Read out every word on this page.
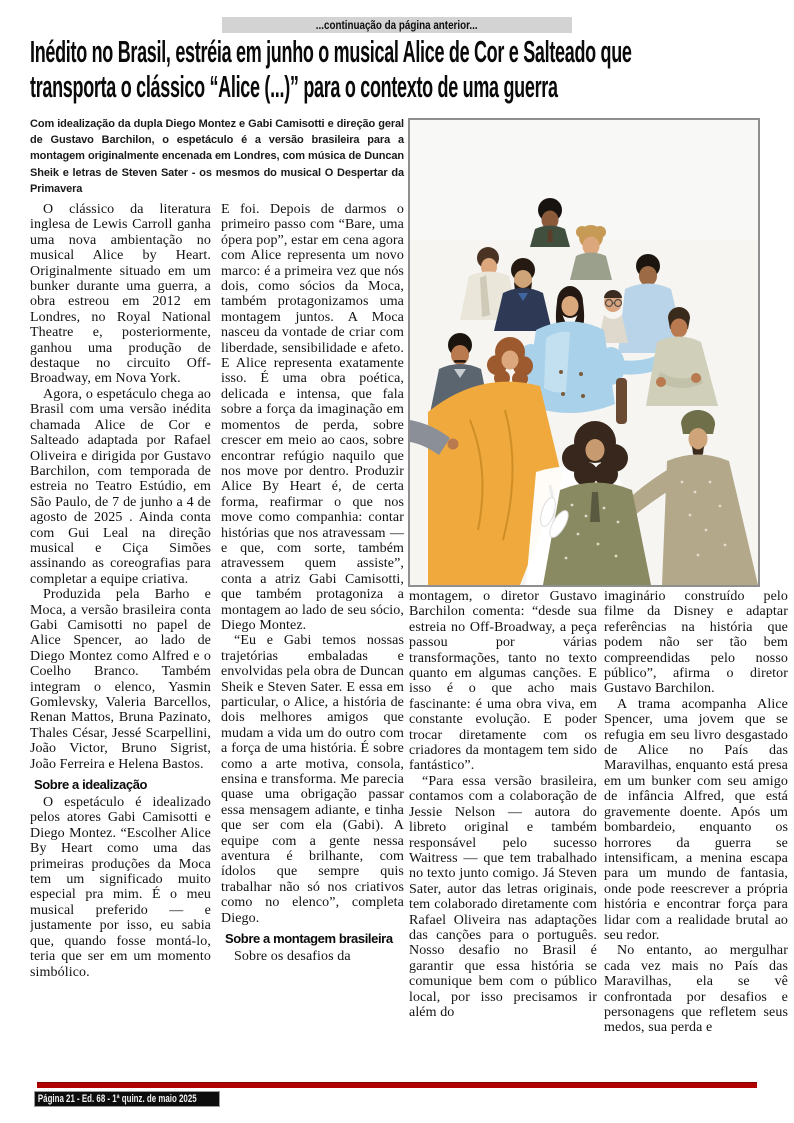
...continuação da página anterior...
Inédito no Brasil, estréia em junho o musical Alice de Cor e Salteado que
transporta o clássico “Alice (...)” para o contexto de uma guerra

Com idealização da dupla Diego Montez e Gabi Camisotti e direção geral de Gustavo Barchilon, o espetáculo é a versão brasileira para a montagem originalmente encenada em Londres, com música de Duncan Sheik e letras de Steven Sater - os mesmos do musical O Despertar da Primavera

O clássico da literatura inglesa de Lewis Carroll ganha uma nova ambientação no musical Alice by Heart. Originalmente situado em um bunker durante uma guerra, a obra estreou em 2012 em Londres, no Royal National Theatre e, posteriormente, ganhou uma produção de destaque no circuito Off-Broadway, em Nova York.

Agora, o espetáculo chega ao Brasil com uma versão inédita chamada Alice de Cor e Salteado adaptada por Rafael Oliveira e dirigida por Gustavo Barchilon, com temporada de estreia no Teatro Estúdio, em São Paulo, de 7 de junho a 4 de agosto de 2025 . Ainda conta com Gui Leal na direção musical e Ciça Simões assinando as coreografias para completar a equipe criativa.

Produzida pela Barho e Moca, a versão brasileira conta Gabi Camisotti no papel de Alice Spencer, ao lado de Diego Montez como Alfred e o Coelho Branco. Também integram o elenco, Yasmin Gomlevsky, Valeria Barcellos, Renan Mattos, Bruna Pazinato, Thales César, Jessé Scarpellini, João Victor, Bruno Sigrist, João Ferreira e Helena Bastos.

Sobre a idealização

O espetáculo é idealizado pelos atores Gabi Camisotti e Diego Montez. “Escolher Alice By Heart como uma das primeiras produções da Moca tem um significado muito especial pra mim. É o meu musical preferido — e justamente por isso, eu sabia que, quando fosse montá-lo, teria que ser em um momento simbólico.

E foi. Depois de darmos o primeiro passo com “Bare, uma ópera pop”, estar em cena agora com Alice representa um novo marco: é a primeira vez que nós dois, como sócios da Moca, também protagonizamos uma montagem juntos. A Moca nasceu da vontade de criar com liberdade, sensibilidade e afeto. E Alice representa exatamente isso. É uma obra poética, delicada e intensa, que fala sobre a força da imaginação em momentos de perda, sobre crescer em meio ao caos, sobre encontrar refúgio naquilo que nos move por dentro. Produzir Alice By Heart é, de certa forma, reafirmar o que nos move como companhia: contar histórias que nos atravessam — e que, com sorte, também atravessem quem assiste”, conta a atriz Gabi Camisotti, que também protagoniza a montagem ao lado de seu sócio, Diego Montez.

“Eu e Gabi temos nossas trajetórias embaladas e envolvidas pela obra de Duncan Sheik e Steven Sater. E essa em particular, o Alice, a história de dois melhores amigos que mudam a vida um do outro com a força de uma história. É sobre como a arte motiva, consola, ensina e transforma. Me parecia quase uma obrigação passar essa mensagem adiante, e tinha que ser com ela (Gabi). A equipe com a gente nessa aventura é brilhante, com ídolos que sempre quis trabalhar não só nos criativos como no elenco”, completa Diego.

Sobre a montagem brasileira

Sobre os desafios da

montagem, o diretor Gustavo Barchilon comenta: “desde sua estreia no Off-Broadway, a peça passou por várias transformações, tanto no texto quanto em algumas canções. E isso é o que acho mais fascinante: é uma obra viva, em constante evolução. E poder trocar diretamente com os criadores da montagem tem sido fantástico”.

“Para essa versão brasileira, contamos com a colaboração de Jessie Nelson — autora do libreto original e também responsável pelo sucesso Waitress — que tem trabalhado no texto junto comigo. Já Steven Sater, autor das letras originais, tem colaborado diretamente com Rafael Oliveira nas adaptações das canções para o português. Nosso desafio no Brasil é garantir que essa história se comunique bem com o público local, por isso precisamos ir além do

imaginário construído pelo filme da Disney e adaptar referências na história que podem não ser tão bem compreendidas pelo nosso público”, afirma o diretor Gustavo Barchilon.

A trama acompanha Alice Spencer, uma jovem que se refugia em seu livro desgastado de Alice no País das Maravilhas, enquanto está presa em um bunker com seu amigo de infância Alfred, que está gravemente doente. Após um bombardeio, enquanto os horrores da guerra se intensificam, a menina escapa para um mundo de fantasia, onde pode reescrever a própria história e encontrar força para lidar com a realidade brutal ao seu redor.

No entanto, ao mergulhar cada vez mais no País das Maravilhas, ela se vê confrontada por desafios e personagens que refletem seus medos, sua perda e

Página 21 - Ed. 68 - 1ª quinz. de maio 2025
